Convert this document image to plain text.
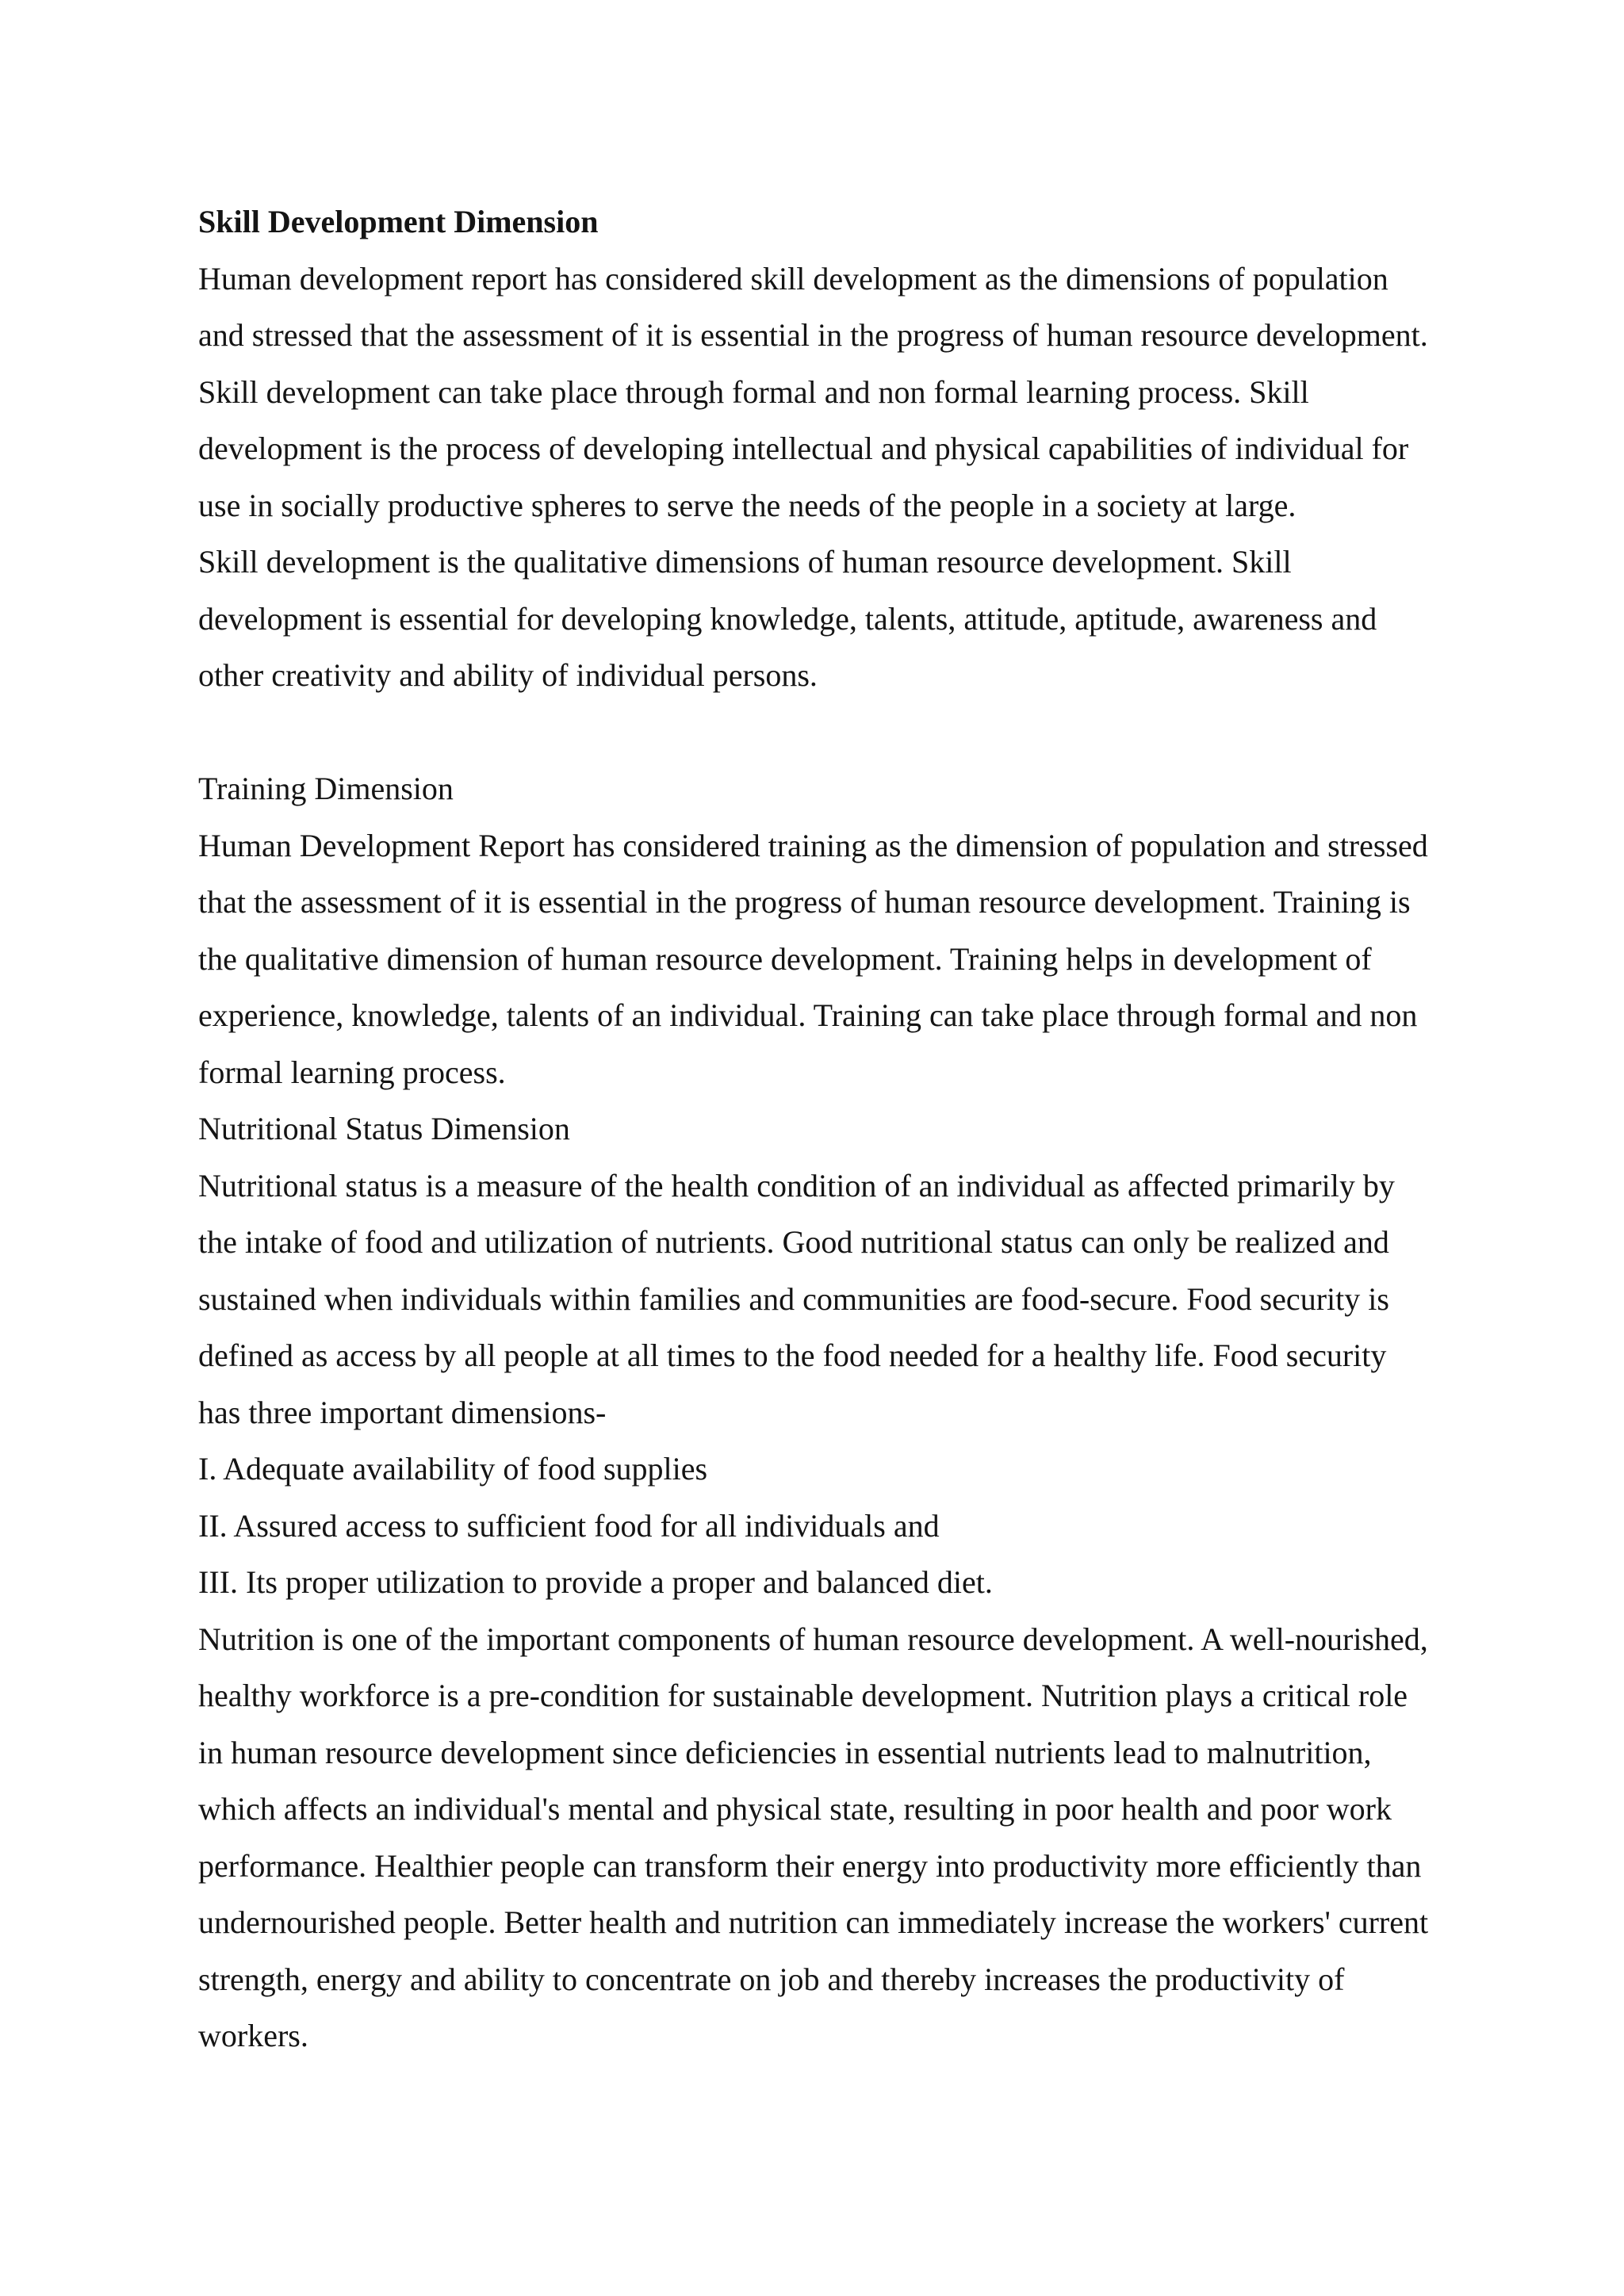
Skill Development Dimension

Human development report has considered skill development as the dimensions of population and stressed that the assessment of it is essential in the progress of human resource development. Skill development can take place through formal and non formal learning process. Skill development is the process of developing intellectual and physical capabilities of individual for use in socially productive spheres to serve the needs of the people in a society at large.

Skill development is the qualitative dimensions of human resource development. Skill development is essential for developing knowledge, talents, attitude, aptitude, awareness and other creativity and ability of individual persons.

Training Dimension

Human Development Report has considered training as the dimension of population and stressed that the assessment of it is essential in the progress of human resource development. Training is the qualitative dimension of human resource development. Training helps in development of experience, knowledge, talents of an individual. Training can take place through formal and non formal learning process.

Nutritional Status Dimension

Nutritional status is a measure of the health condition of an individual as affected primarily by the intake of food and utilization of nutrients. Good nutritional status can only be realized and sustained when individuals within families and communities are food-secure. Food security is defined as access by all people at all times to the food needed for a healthy life. Food security has three important dimensions-

I. Adequate availability of food supplies

II. Assured access to sufficient food for all individuals and

III. Its proper utilization to provide a proper and balanced diet.

Nutrition is one of the important components of human resource development. A well-nourished, healthy workforce is a pre-condition for sustainable development. Nutrition plays a critical role in human resource development since deficiencies in essential nutrients lead to malnutrition, which affects an individual's mental and physical state, resulting in poor health and poor work performance. Healthier people can transform their energy into productivity more efficiently than undernourished people. Better health and nutrition can immediately increase the workers' current strength, energy and ability to concentrate on job and thereby increases the productivity of workers.
